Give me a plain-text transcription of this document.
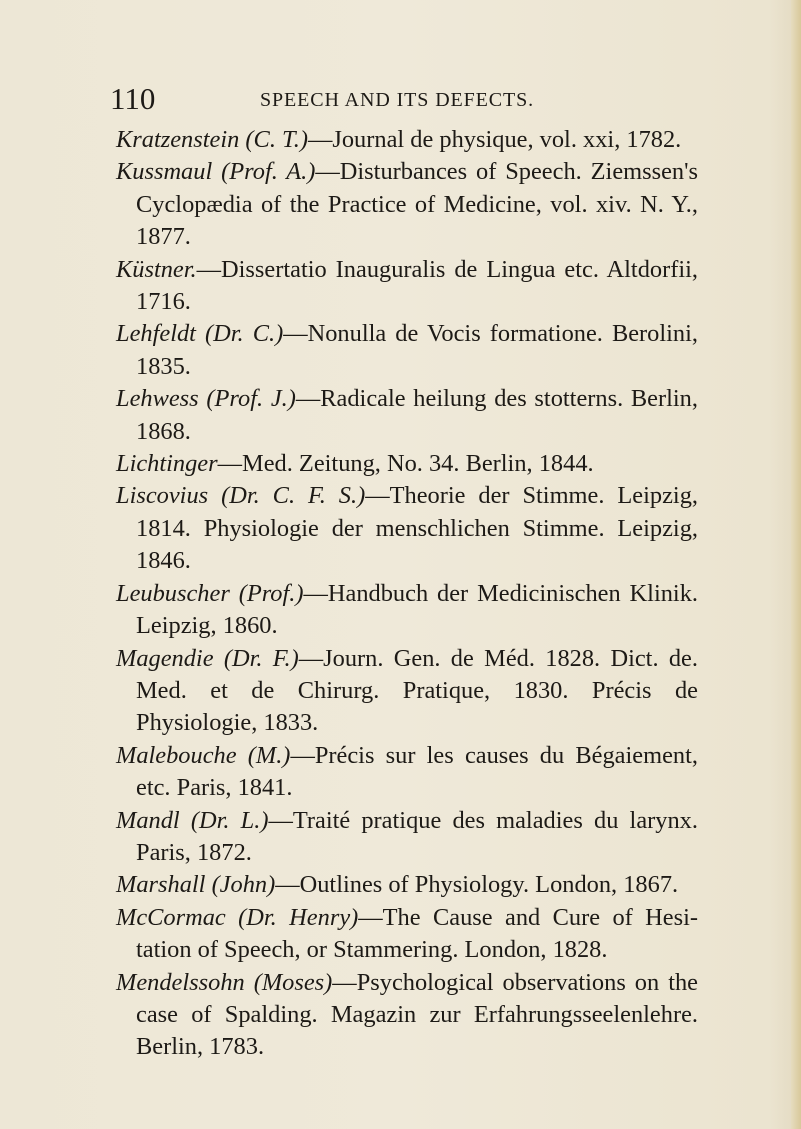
110	SPEECH AND ITS DEFECTS.

Kratzenstein (C. T.)—Journal de physique, vol. xxi, 1782.

Kussmaul (Prof. A.)—Disturbances of Speech. Ziemssen's Cyclopædia of the Practice of Medicine, vol. xiv. N. Y., 1877.

Küstner.—Dissertatio Inauguralis de Lingua etc. Altdorfii, 1716.

Lehfeldt (Dr. C.)—Nonulla de Vocis formatione. Berolini, 1835.

Lehwess (Prof. J.)—Radicale heilung des stotterns. Berlin, 1868.

Lichtinger—Med. Zeitung, No. 34. Berlin, 1844.

Liscovius (Dr. C. F. S.)—Theorie der Stimme. Leipzig, 1814. Physiologie der menschlichen Stimme. Leipzig, 1846.

Leubuscher (Prof.)—Handbuch der Medicinischen Klinik. Leipzig, 1860.

Magendie (Dr. F.)—Journ. Gen. de Méd. 1828. Dict. de. Med. et de Chirurg. Pratique, 1830. Précis de Physiologie, 1833.

Malebouche (M.)—Précis sur les causes du Bégaiement, etc. Paris, 1841.

Mandl (Dr. L.)—Traité pratique des maladies du larynx. Paris, 1872.

Marshall (John)—Outlines of Physiology. London, 1867.

McCormac (Dr. Henry)—The Cause and Cure of Hesitation of Speech, or Stammering. London, 1828.

Mendelssohn (Moses)—Psychological observations on the case of Spalding. Magazin zur Erfahrungsseelenlehre. Berlin, 1783.
